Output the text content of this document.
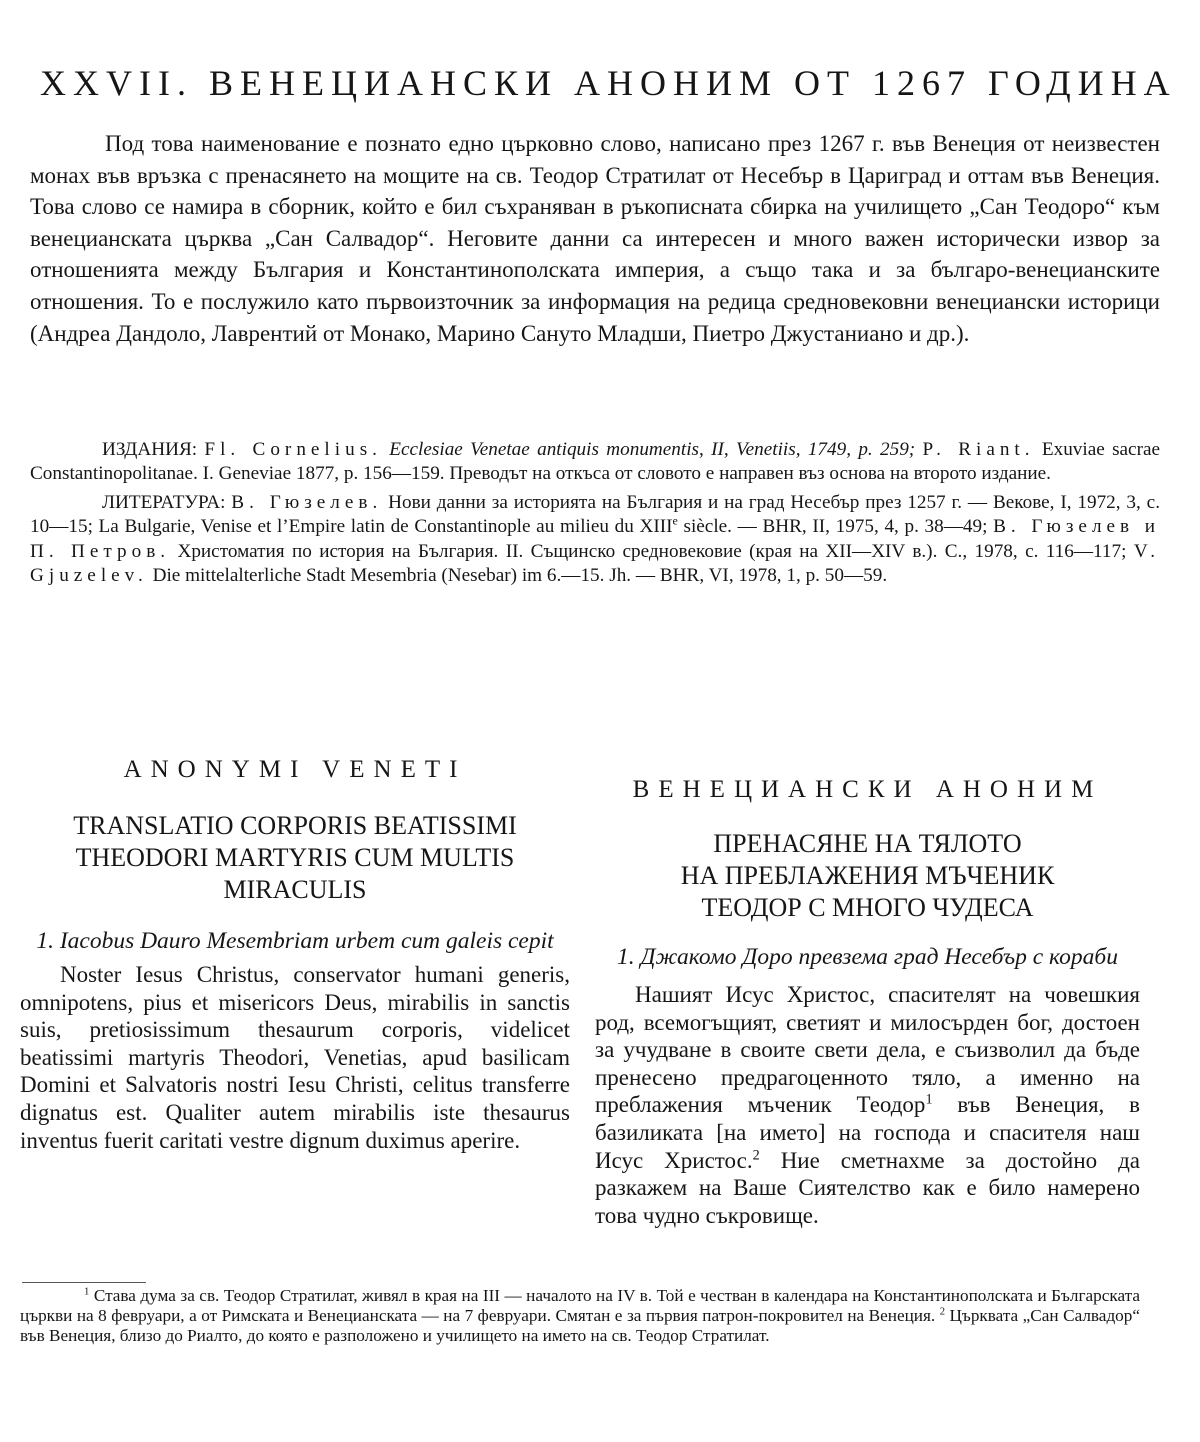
XXVII. ВЕНЕЦИАНСКИ АНОНИМ ОТ 1267 ГОДИНА

Под това наименование е познато едно църковно слово, написано през 1267 г. във Венеция от неизвестен монах във връзка с пренасянето на мощите на св. Теодор Стратилат от Несебър в Цариград и оттам във Венеция. Това слово се намира в сборник, който е бил съхраняван в ръкописната сбирка на училището „Сан Теодоро“ към венецианската църква „Сан Салвадор“. Неговите данни са интересен и много важен исторически извор за отношенията между България и Константинополската империя, а също така и за българо-венецианските отношения. То е послужило като първоизточник за информация на редица средновековни венециански историци (Андреа Дандоло, Лаврентий от Монако, Марино Сануто Младши, Пиетро Джустаниано и др.).

ИЗДАНИЯ: Fl. Cornelius. Ecclesiae Venetae antiquis monumentis, II, Venetiis, 1749, p. 259; P. Riant. Exuviae sacrae Constantinopolitanae. I. Geneviae 1877, p. 156—159. Преводът на откъса от словото е направен въз основа на второто издание.

ЛИТЕРАТУРА: В. Гюзелев. Нови данни за историята на България и на град Несебър през 1257 г. — Векове, I, 1972, 3, с. 10—15; La Bulgarie, Venise et l’Empire latin de Constantinople au milieu du XIIIe siècle. — BHR, II, 1975, 4, p. 38—49; В. Гюзелев и П. Петров. Христоматия по история на България. II. Същинско средновековие (края на XII—XIV в.). С., 1978, с. 116—117; V. Gjuzelev. Die mittelalterliche Stadt Mesembria (Nesebar) im 6.—15. Jh. — BHR, VI, 1978, 1, p. 50—59.

ANONYMI VENETI
TRANSLATIO CORPORIS BEATISSIMI
THEODORI MARTYRIS CUM MULTIS
MIRACULIS
1. Iacobus Dauro Mesembriam urbem cum galeis cepit

Noster Iesus Christus, conservator humani generis, omnipotens, pius et misericors Deus, mirabilis in sanctis suis, pretiosissimum thesaurum corporis, videlicet beatissimi martyris Theodori, Venetias, apud basilicam Domini et Salvatoris nostri Iesu Christi, celitus transferre dignatus est. Qualiter autem mirabilis iste thesaurus inventus fuerit caritati vestre dignum duximus aperire.

ВЕНЕЦИАНСКИ АНОНИМ
ПРЕНАСЯНЕ НА ТЯЛОТО
НА ПРЕБЛАЖЕНИЯ МЪЧЕНИК
ТЕОДОР С МНОГО ЧУДЕСА
1. Джакомо Доро превзема град Несебър с кораби

Нашият Исус Христос, спасителят на човешкия род, всемогъщият, светият и милосърден бог, достоен за учудване в своите свети дела, е съизволил да бъде пренесено предрагоценното тяло, а именно на преблажения мъченик Теодор$^1$ във Венеция, в базиликата [на името] на господа и спасителя наш Исус Христос.$^2$ Ние сметнахме за достойно да разкажем на Ваше Сиятелство как е било намерено това чудно съкровище.

$^1$ Става дума за св. Теодор Стратилат, живял в края на III — началото на IV в. Той е честван в календара на Константинополската и Българската църкви на 8 февруари, а от Римската и Венецианската — на 7 февруари. Смятан е за първия патрон-покровител на Венеция. $^2$ Църквата „Сан Салвадор“ във Венеция, близо до Риалто, до която е разположено и училището на името на св. Теодор Стратилат.
